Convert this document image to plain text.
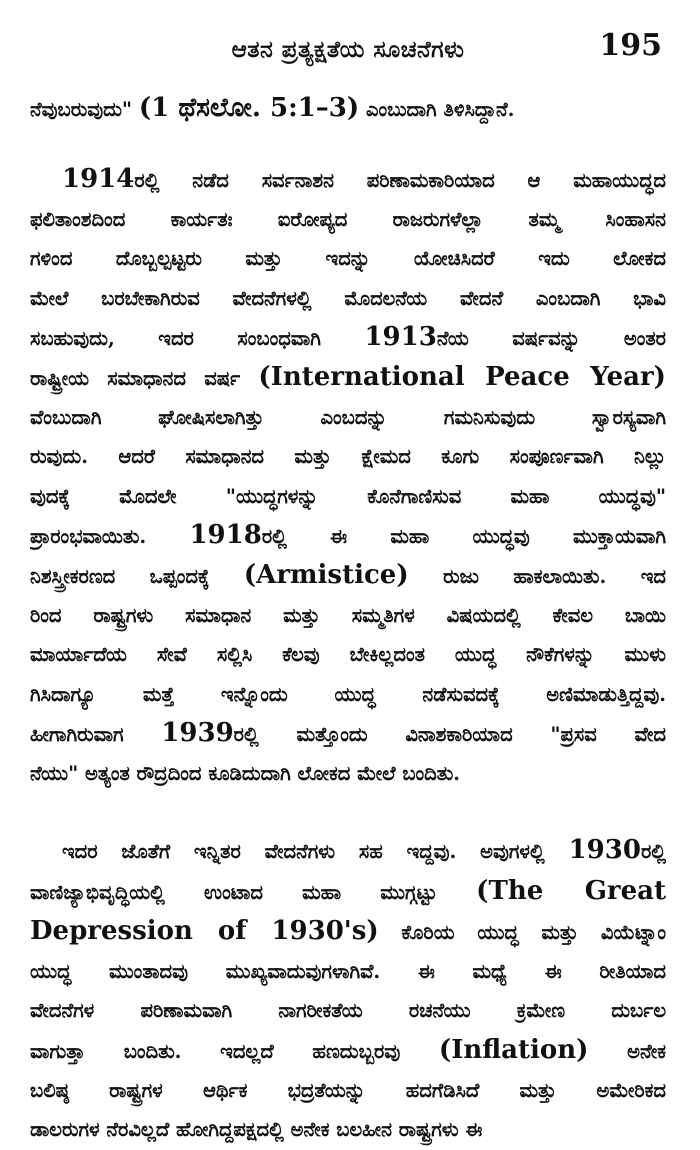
ಆತನ ಪ್ರತ್ಯಕ್ಷತೆಯ ಸೂಚನೆಗಳು	195

ನೆವುಬರುವುದು" (1 ಥೆಸಲೋ. 5:1–3) ಎಂಬುದಾಗಿ ತಿಳಿಸಿದ್ದಾನೆ.

1914ರಲ್ಲಿ ನಡೆದ ಸರ್ವನಾಶನ ಪರಿಣಾಮಕಾರಿಯಾದ ಆ ಮಹಾಯುದ್ಧದ
ಫಲಿತಾಂಶದಿಂದ ಕಾರ್ಯತಃ ಐರೋಪ್ಯದ ರಾಜರುಗಳೆಲ್ಲಾ ತಮ್ಮ ಸಿಂಹಾಸನ
ಗಳಿಂದ ದೊಬ್ಬಲ್ಪಟ್ಟರು ಮತ್ತು ಇದನ್ನು ಯೋಚಿಸಿದರೆ ಇದು ಲೋಕದ
ಮೇಲೆ ಬರಬೇಕಾಗಿರುವ ವೇದನೆಗಳಲ್ಲಿ ಮೊದಲನೆಯ ವೇದನೆ ಎಂಬದಾಗಿ ಭಾವಿ
ಸಬಹುವುದು, ಇದರ ಸಂಬಂಧವಾಗಿ 1913ನೆಯ ವರ್ಷವನ್ನು ಅಂತರ
ರಾಷ್ಟ್ರೀಯ ಸಮಾಧಾನದ ವರ್ಷ (International Peace Year)
ವೆಂಬುದಾಗಿ ಘೋಷಿಸಲಾಗಿತ್ತು ಎಂಬದನ್ನು ಗಮನಿಸುವುದು ಸ್ವಾರಸ್ಯವಾಗಿ
ರುವುದು. ಆದರೆ ಸಮಾಧಾನದ ಮತ್ತು ಕ್ಷೇಮದ ಕೂಗು ಸಂಪೂರ್ಣವಾಗಿ ನಿಲ್ಲು
ವುದಕ್ಕೆ ಮೊದಲೇ "ಯುದ್ಧಗಳನ್ನು ಕೊನೆಗಾಣಿಸುವ ಮಹಾ ಯುದ್ಧವು"
ಪ್ರಾರಂಭವಾಯಿತು. 1918ರಲ್ಲಿ ಈ ಮಹಾ ಯುದ್ಧವು ಮುಕ್ತಾಯವಾಗಿ
ನಿಶಸ್ತ್ರೀಕರಣದ ಒಪ್ಪಂದಕ್ಕೆ (Armistice) ರುಜು ಹಾಕಲಾಯಿತು. ಇದ
ರಿಂದ ರಾಷ್ಟ್ರಗಳು ಸಮಾಧಾನ ಮತ್ತು ಸಮ್ಮತಿಗಳ ವಿಷಯದಲ್ಲಿ ಕೇವಲ ಬಾಯಿ
ಮಾರ್ಯಾದೆಯ ಸೇವೆ ಸಲ್ಲಿಸಿ ಕೆಲವು ಬೇಕಿಲ್ಲದಂತ ಯುದ್ಧ ನೌಕೆಗಳನ್ನು ಮುಳು
ಗಿಸಿದಾಗ್ಯೂ ಮತ್ತೆ ಇನ್ನೊಂದು ಯುದ್ಧ ನಡೆಸುವದಕ್ಕೆ ಅಣಿಮಾಡುತ್ತಿದ್ದವು.
ಹೀಗಾಗಿರುವಾಗ 1939ರಲ್ಲಿ ಮತ್ತೊಂದು ವಿನಾಶಕಾರಿಯಾದ "ಪ್ರಸವ ವೇದ
ನೆಯು" ಅತ್ಯಂತ ರೌದ್ರದಿಂದ ಕೂಡಿದುದಾಗಿ ಲೋಕದ ಮೇಲೆ ಬಂದಿತು.

ಇದರ ಜೊತೆಗೆ ಇನ್ನಿತರ ವೇದನೆಗಳು ಸಹ ಇದ್ದವು. ಅವುಗಳಲ್ಲಿ 1930ರಲ್ಲಿ
ವಾಣಿಜ್ಯಾಭಿವೃದ್ಧಿಯಲ್ಲಿ ಉಂಟಾದ ಮಹಾ ಮುಗ್ಗಟ್ಟು (The Great
Depression of 1930's) ಕೊರಿಯ ಯುದ್ಧ ಮತ್ತು ವಿಯೆಟ್ನಾಂ
ಯುದ್ಧ ಮುಂತಾದವು ಮುಖ್ಯವಾದುವುಗಳಾಗಿವೆ. ಈ ಮಧ್ಯೆ ಈ ರೀತಿಯಾದ
ವೇದನೆಗಳ ಪರಿಣಾಮವಾಗಿ ನಾಗರೀಕತೆಯ ರಚನೆಯು ಕ್ರಮೇಣ ದುರ್ಬಲ
ವಾಗುತ್ತಾ ಬಂದಿತು. ಇದಲ್ಲದೆ ಹಣದುಬ್ಬರವು (Inflation) ಅನೇಕ
ಬಲಿಷ್ಠ ರಾಷ್ಟ್ರಗಳ ಆರ್ಥಿಕ ಭದ್ರತೆಯನ್ನು ಹದಗೆಡಿಸಿದೆ ಮತ್ತು ಅಮೇರಿಕದ
ಡಾಲರುಗಳ ನೆರವಿಲ್ಲದೆ ಹೋಗಿದ್ದಪಕ್ಷದಲ್ಲಿ ಅನೇಕ ಬಲಹೀನ ರಾಷ್ಟ್ರಗಳು ಈ
